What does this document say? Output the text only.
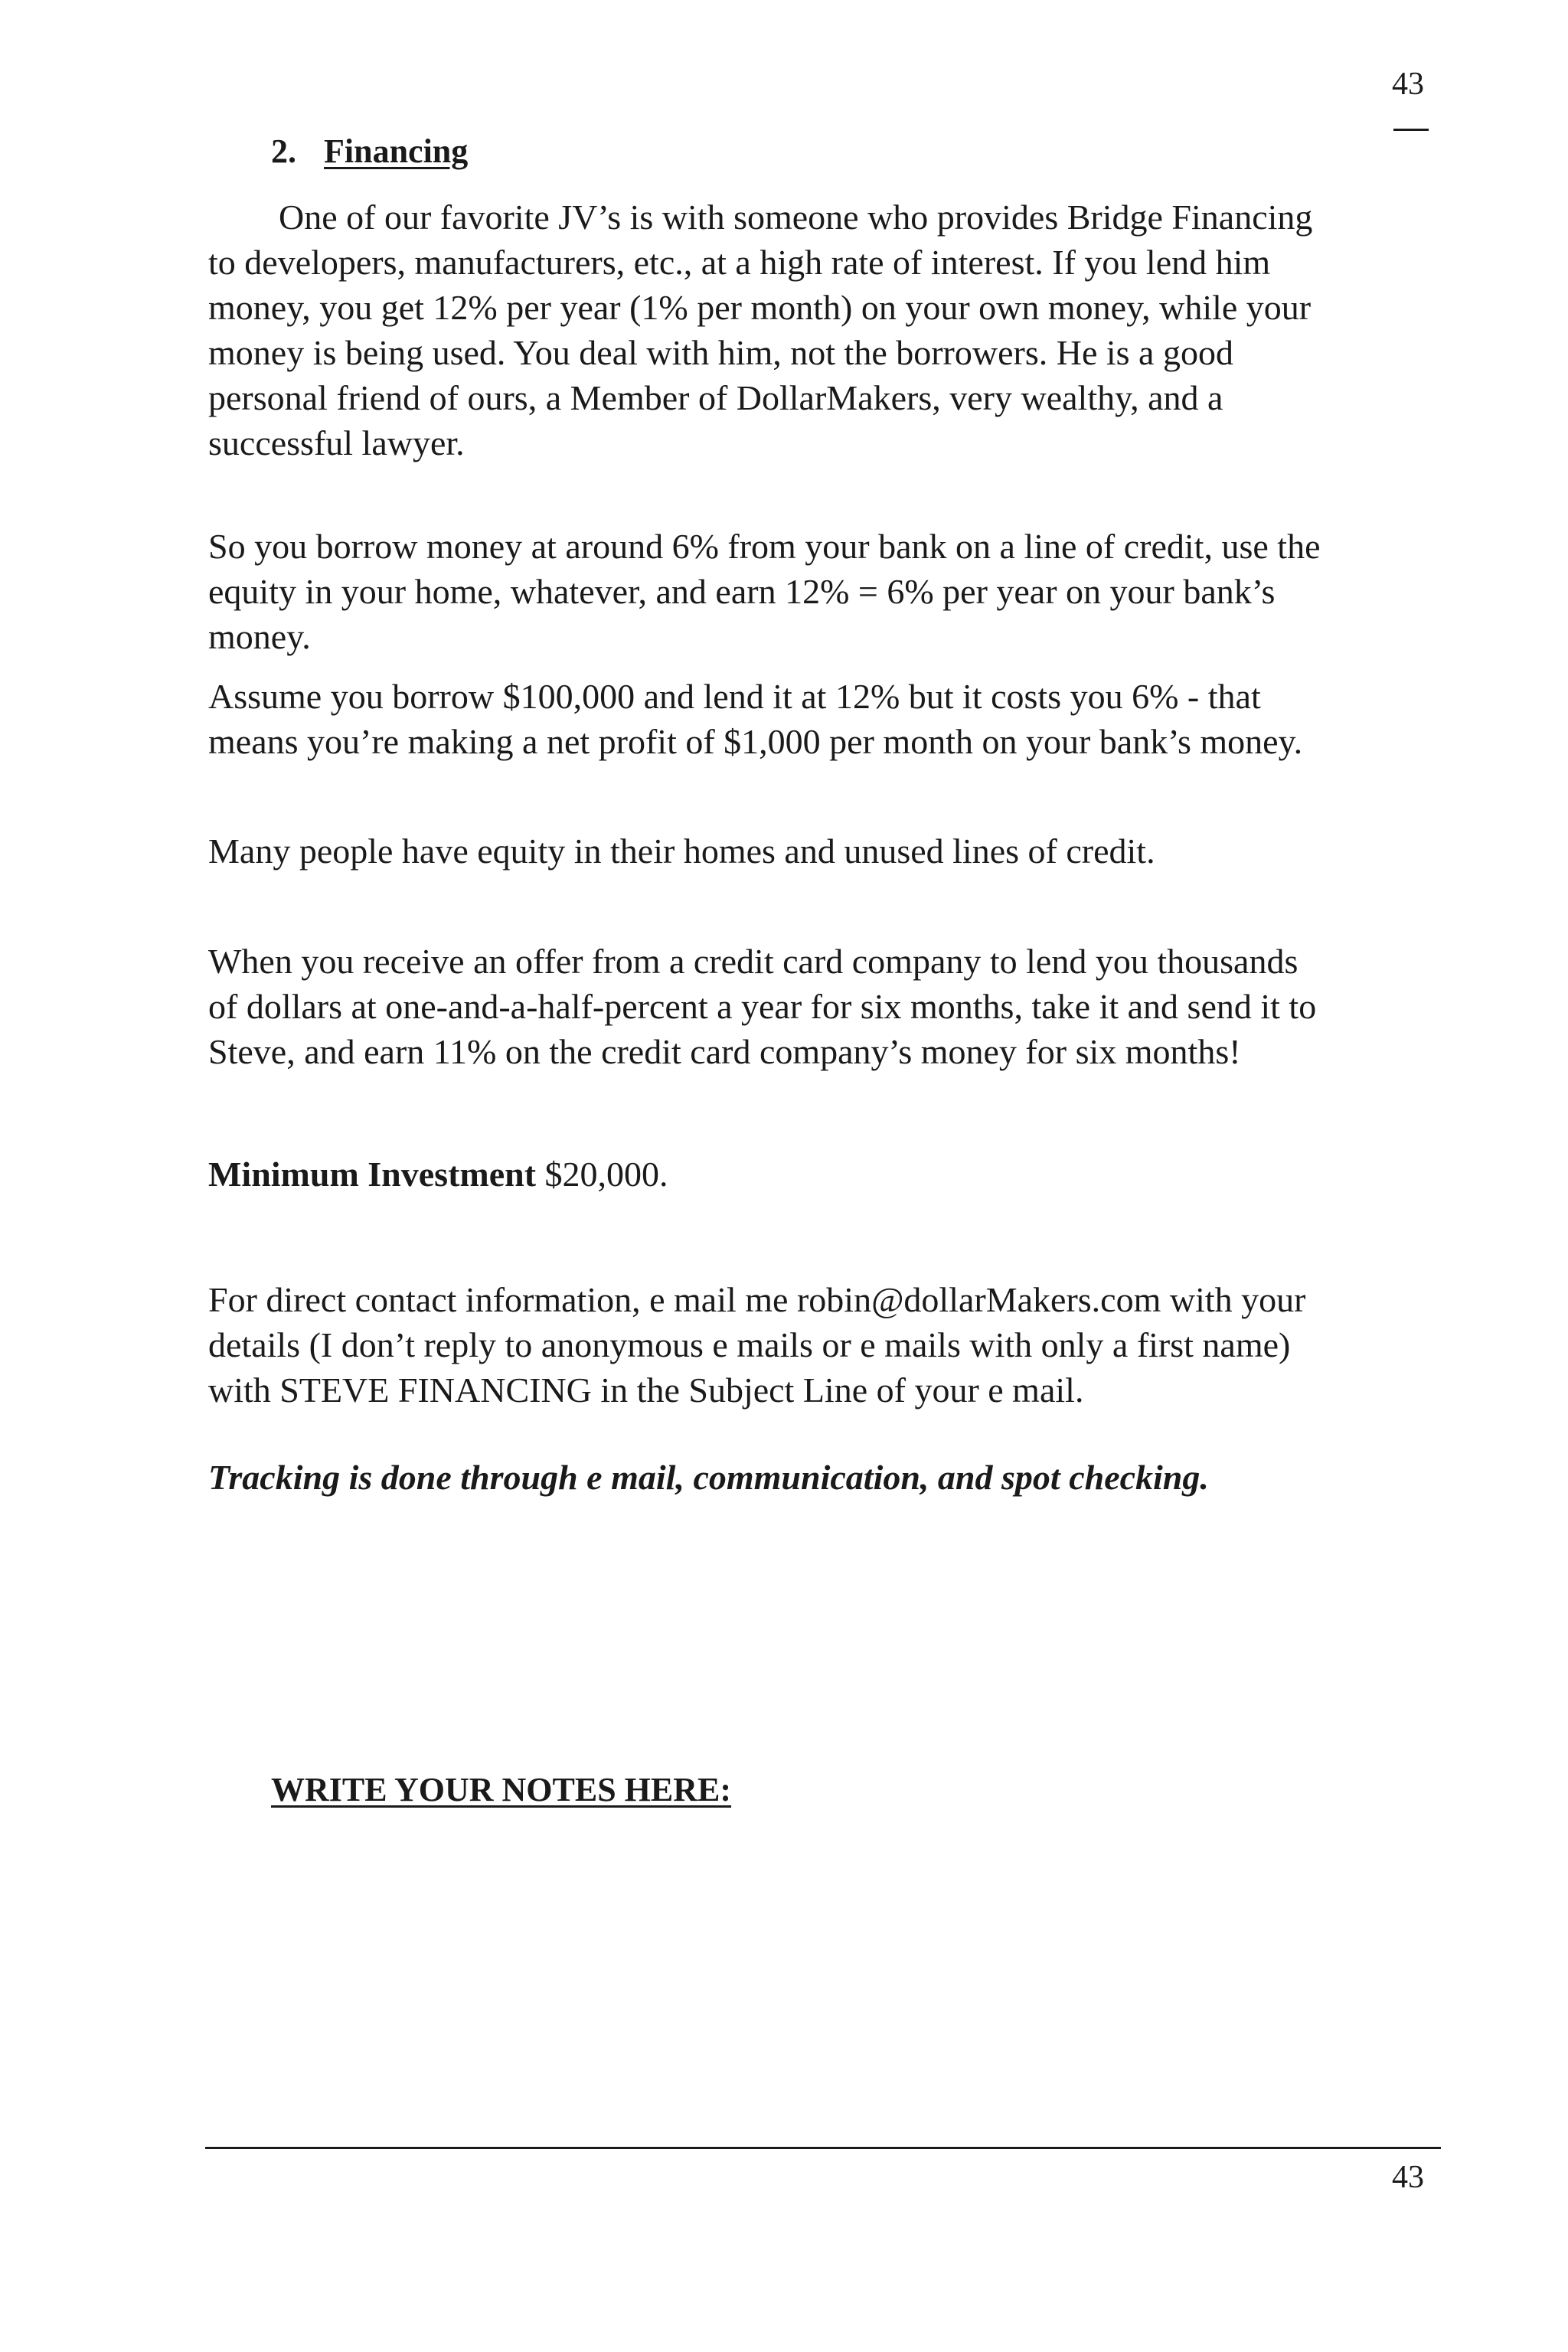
43
2. Financing

One of our favorite JV’s is with someone who provides Bridge Financing
to developers, manufacturers, etc., at a high rate of interest. If you lend him
money, you get 12% per year (1% per month) on your own money, while your
money is being used. You deal with him, not the borrowers. He is a good
personal friend of ours, a Member of DollarMakers, very wealthy, and a
successful lawyer.

So you borrow money at around 6% from your bank on a line of credit, use the
equity in your home, whatever, and earn 12% = 6% per year on your bank’s
money.

Assume you borrow $100,000 and lend it at 12% but it costs you 6% - that
means you’re making a net profit of $1,000 per month on your bank’s money.

Many people have equity in their homes and unused lines of credit.

When you receive an offer from a credit card company to lend you thousands
of dollars at one-and-a-half-percent a year for six months, take it and send it to
Steve, and earn 11% on the credit card company’s money for six months!

Minimum Investment $20,000.

For direct contact information, e mail me robin@dollarMakers.com with your
details (I don’t reply to anonymous e mails or e mails with only a first name)
with STEVE FINANCING in the Subject Line of your e mail.

Tracking is done through e mail, communication, and spot checking.

WRITE YOUR NOTES HERE:
43
